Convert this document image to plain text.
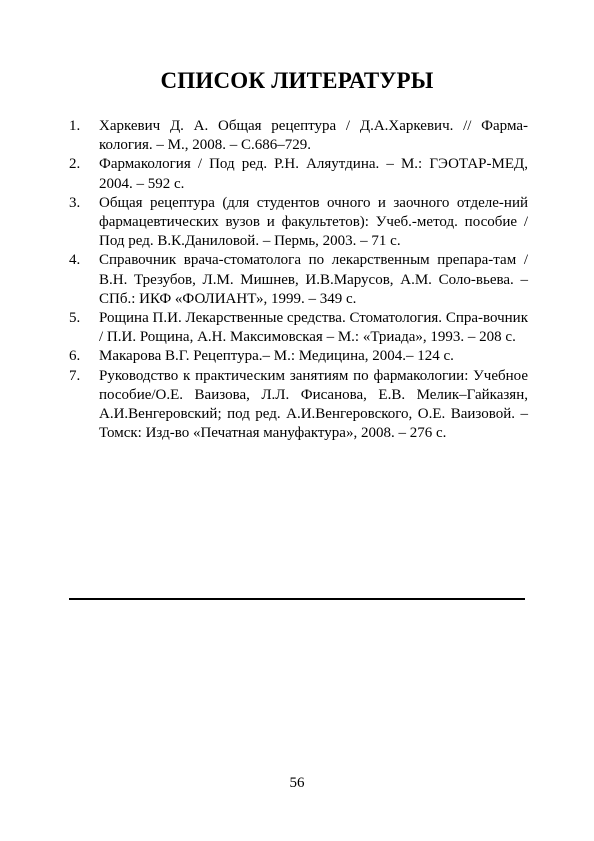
СПИСОК ЛИТЕРАТУРЫ
1.	Харкевич Д. А. Общая рецептура / Д.А.Харкевич. // Фарма-кология. – М., 2008. – С.686–729.
2.	Фармакология / Под ред. Р.Н. Аляутдина. – М.: ГЭОТАР-МЕД, 2004. – 592 с.
3.	Общая рецептура (для студентов очного и заочного отделе-ний фармацевтических вузов и факультетов): Учеб.-метод. пособие / Под ред. В.К.Даниловой. – Пермь, 2003. – 71 с.
4.	Справочник врача-стоматолога по лекарственным препара-там / В.Н. Трезубов, Л.М. Мишнев, И.В.Марусов, А.М. Соло-вьева. – СПб.: ИКФ «ФОЛИАНТ», 1999. – 349 с.
5.	Рощина П.И. Лекарственные средства. Стоматология. Спра-вочник / П.И. Рощина, А.Н. Максимовская – М.: «Триада», 1993. – 208 с.
6.	Макарова В.Г. Рецептура.– М.: Медицина, 2004.– 124 с.
7.	Руководство к практическим занятиям по фармакологии: Учебное пособие/О.Е. Ваизова, Л.Л. Фисанова, Е.В. Мелик–Гайказян, А.И.Венгеровский; под ред. А.И.Венгеровского, О.Е. Ваизовой. – Томск: Изд-во «Печатная мануфактура», 2008. – 276 с.
56
